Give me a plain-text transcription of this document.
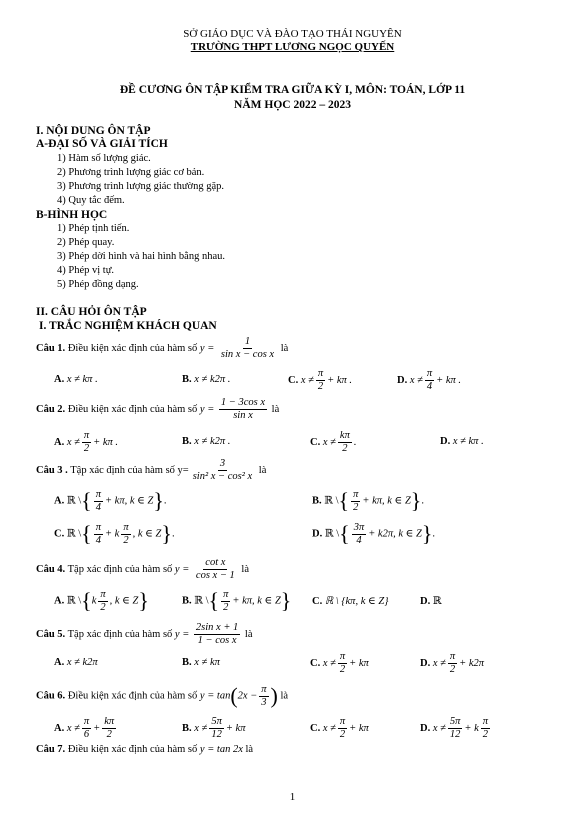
SỞ GIÁO DỤC VÀ ĐÀO TẠO THÁI NGUYÊN
TRƯỜNG THPT LƯƠNG NGỌC QUYẾN
ĐỀ CƯƠNG ÔN TẬP KIỂM TRA GIỮA KỲ I, MÔN: TOÁN, LỚP 11
NĂM HỌC 2022 – 2023
I. NỘI DUNG ÔN TẬP
A-ĐẠI SỐ VÀ GIẢI TÍCH
1) Hàm số lượng giác.
2) Phương trình lượng giác cơ bản.
3) Phương trình lượng giác thường gặp.
4) Quy tắc đếm.
B-HÌNH HỌC
1) Phép tịnh tiến.
2) Phép quay.
3) Phép dời hình và hai hình bằng nhau.
4) Phép vị tự.
5) Phép đồng dạng.
II. CÂU HỎI ÔN TẬP
I. TRẮC NGHIỆM KHÁCH QUAN
Câu 1. Điều kiện xác định của hàm số $y = \frac{1}{\text{sin x − cos x}}$ là
A. x ≠ kπ .	B. x ≠ k2π .	C. $x \ne \frac{\pi}{2} + k\pi$ .	D. $x \ne \frac{\pi}{4} + k\pi$ .
Câu 2. Điều kiện xác định của hàm số $y = \frac{\text{1 − 3cos x}}{\text{sin x}}$ là
A. $x \ne \frac{\pi}{2} + k\pi$ .	B. x ≠ k2π .	C. $x \ne \frac{k\pi}{2}$ .	D. x ≠ kπ .
Câu 3 . Tập xác định của hàm số $y= \frac{3}{\text{sin² x − cos² x}}$ là
A. ℝ \{ $\frac{\pi}{4} + k\pi$, k ∈ Z}.	B. ℝ \{ $\frac{\pi}{2} + k\pi$, k ∈ Z}.
C. ℝ \{ $\frac{\pi}{4} + k \frac{\pi}{2}$ , k ∈ Z}.	D. ℝ \{ $\frac{3\pi}{4} + k2\pi$, k ∈ Z}.
Câu 4. Tập xác định của hàm số $y = \frac{\text{cot x}}{\text{cos x − 1}}$ là
A. ℝ \{k $\frac{\pi}{2}$ , k ∈ Z}	B. ℝ \{ $\frac{\pi}{2} + k\pi$, k ∈ Z} C. ℝ \ {kπ, k ∈ Z}	D. ℝ
Câu 5. Tập xác định của hàm số $y = \frac{\text{2sin x + 1}}{\text{1 − cos x}}$ là
A. x ≠ k2π	B. x ≠ kπ	C. $x \ne \frac{\pi}{2} + k\pi$	D. $x \ne \frac{\pi}{2} + k2\pi$
Câu 6. Điều kiện xác định của hàm số $y = \tan(2x - \frac{\pi}{3}$ ) là
A. $x \ne \frac{\pi}{6} + \frac{k\pi}{2}$	B. $x \ne \frac{5\pi}{12} + k\pi$	C. $x \ne \frac{\pi}{2} + k\pi$	D. $x \ne \frac{5\pi}{12} + k \frac{\pi}{2}$
Câu 7. Điều kiện xác định của hàm số y = tan 2x là
1
